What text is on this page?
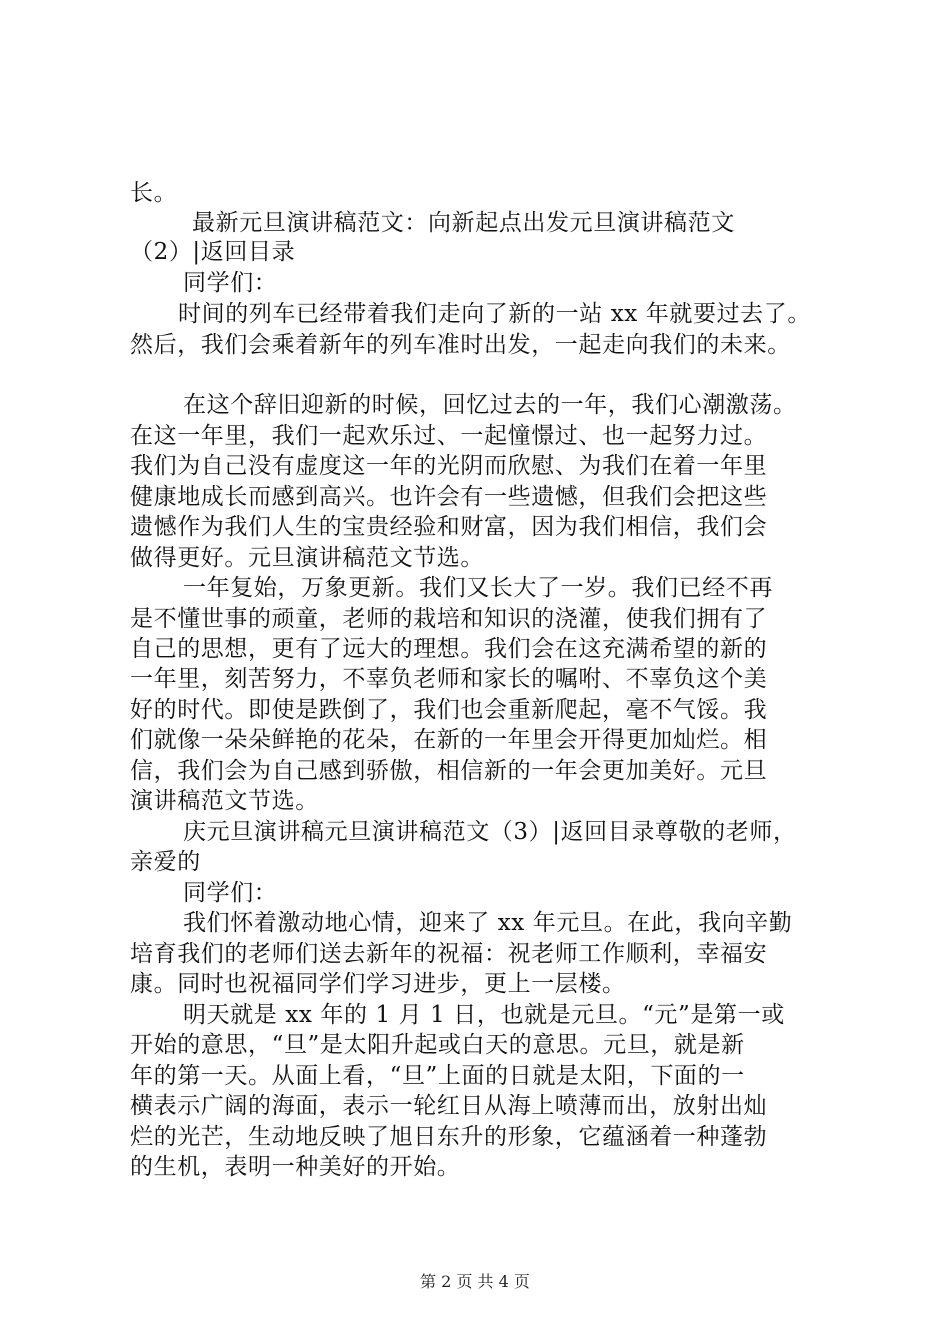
长。
最新元旦演讲稿范文：向新起点出发元旦演讲稿范文
（2）|返回目录
同学们：
时间的列车已经带着我们走向了新的一站 xx 年就要过去了。
然后，我们会乘着新年的列车准时出发，一起走向我们的未来。
在这个辞旧迎新的时候，回忆过去的一年，我们心潮激荡。
在这一年里，我们一起欢乐过、一起憧憬过、也一起努力过。
我们为自己没有虚度这一年的光阴而欣慰、为我们在着一年里
健康地成长而感到高兴。也许会有一些遗憾，但我们会把这些
遗憾作为我们人生的宝贵经验和财富，因为我们相信，我们会
做得更好。元旦演讲稿范文节选。
一年复始，万象更新。我们又长大了一岁。我们已经不再
是不懂世事的顽童，老师的栽培和知识的浇灌，使我们拥有了
自己的思想，更有了远大的理想。我们会在这充满希望的新的
一年里，刻苦努力，不辜负老师和家长的嘱咐、不辜负这个美
好的时代。即使是跌倒了，我们也会重新爬起，毫不气馁。我
们就像一朵朵鲜艳的花朵，在新的一年里会开得更加灿烂。相
信，我们会为自己感到骄傲，相信新的一年会更加美好。元旦
演讲稿范文节选。
庆元旦演讲稿元旦演讲稿范文（3）|返回目录尊敬的老师，
亲爱的
同学们：
我们怀着激动地心情，迎来了 xx 年元旦。在此，我向辛勤
培育我们的老师们送去新年的祝福：祝老师工作顺利，幸福安
康。同时也祝福同学们学习进步，更上一层楼。
明天就是 xx 年的 1 月 1 日，也就是元旦。“元”是第一或
开始的意思，“旦”是太阳升起或白天的意思。元旦，就是新
年的第一天。从面上看，“旦”上面的日就是太阳，下面的一
横表示广阔的海面，表示一轮红日从海上喷薄而出，放射出灿
烂的光芒，生动地反映了旭日东升的形象，它蕴涵着一种蓬勃
的生机，表明一种美好的开始。
第 2 页 共 4 页
